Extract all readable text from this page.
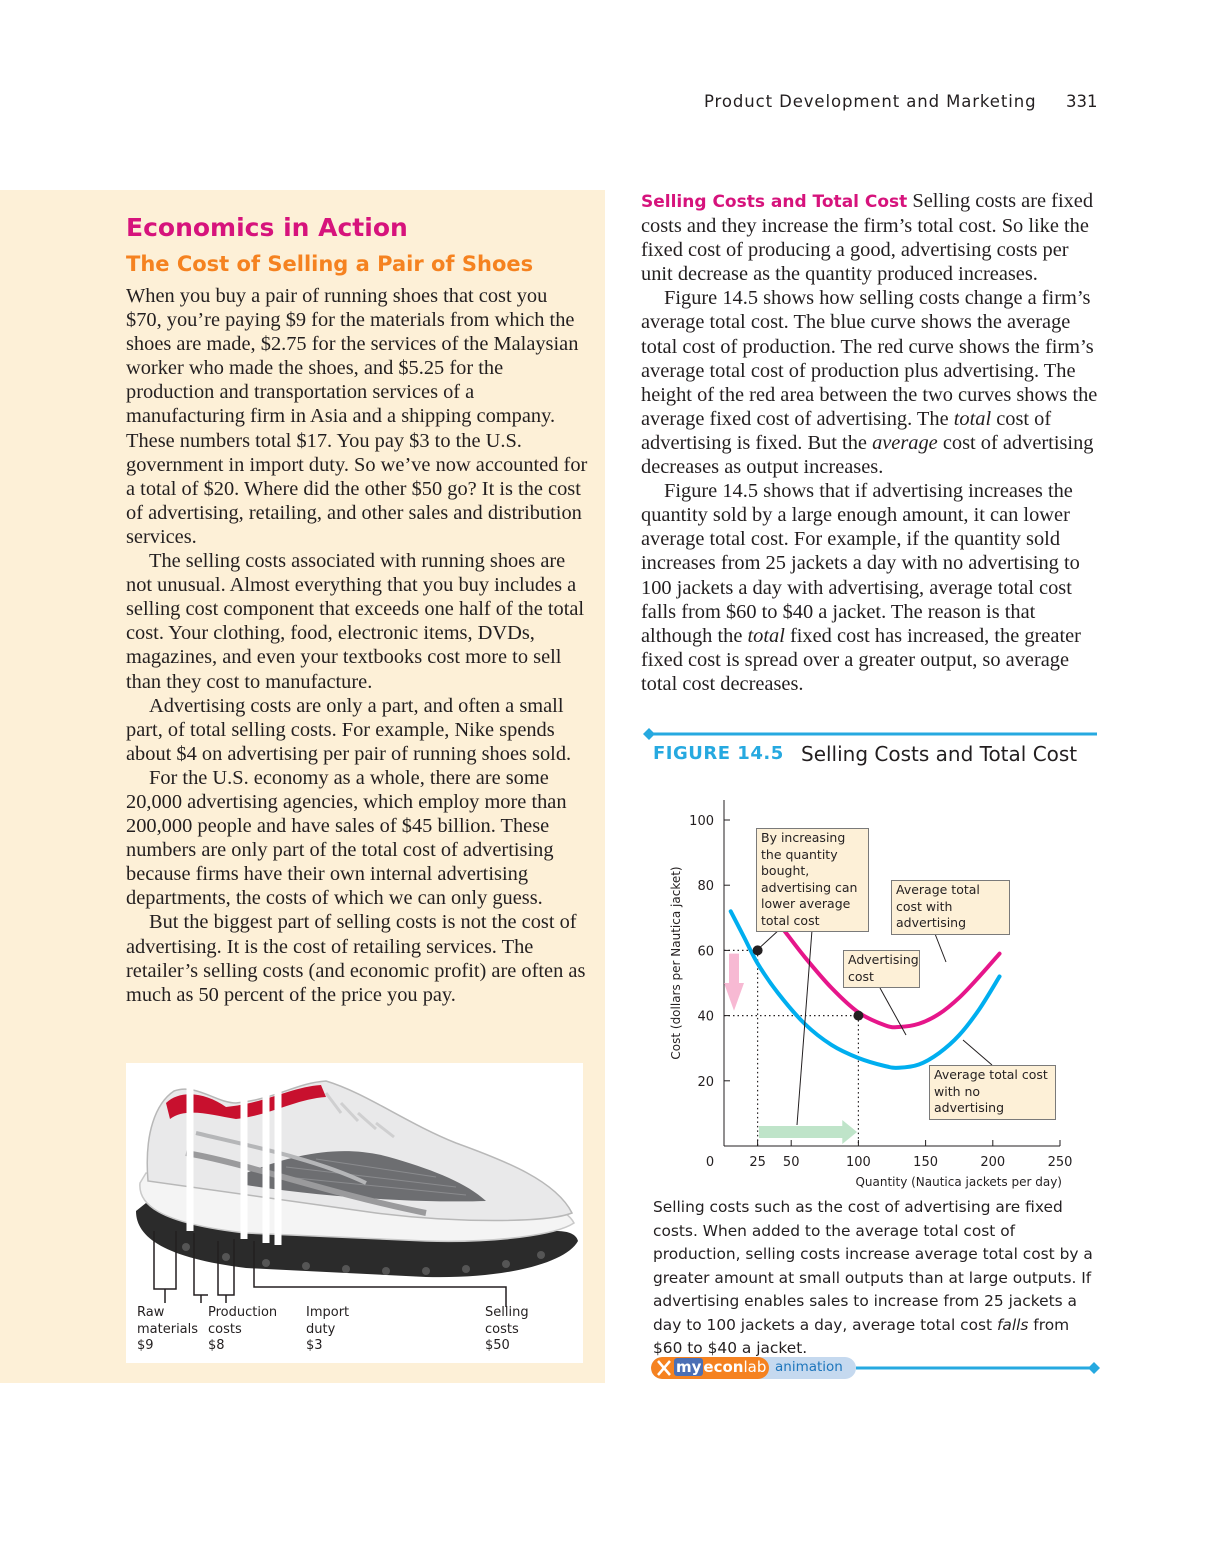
Product Development and Marketing 331
Economics in Action
The Cost of Selling a Pair of Shoes

When you buy a pair of running shoes that cost you $70, you’re paying $9 for the materials from which the shoes are made, $2.75 for the services of the Malaysian worker who made the shoes, and $5.25 for the production and transportation services of a manufacturing firm in Asia and a shipping company. These numbers total $17. You pay $3 to the U.S. government in import duty. So we’ve now accounted for a total of $20. Where did the other $50 go? It is the cost of advertising, retailing, and other sales and distribution services.

The selling costs associated with running shoes are not unusual. Almost everything that you buy includes a selling cost component that exceeds one half of the total cost. Your clothing, food, electronic items, DVDs, magazines, and even your textbooks cost more to sell than they cost to manufacture.

Advertising costs are only a part, and often a small part, of total selling costs. For example, Nike spends about $4 on advertising per pair of running shoes sold.

For the U.S. economy as a whole, there are some 20,000 advertising agencies, which employ more than 200,000 people and have sales of $45 billion. These numbers are only part of the total cost of advertising because firms have their own internal advertising departments, the costs of which we can only guess.

But the biggest part of selling costs is not the cost of advertising. It is the cost of retailing services. The retailer’s selling costs (and economic profit) are often as much as 50 percent of the price you pay.

Raw
materials
$9
Production
costs
$8
Import
duty
$3
Selling
costs
$50

Selling Costs and Total Cost Selling costs are fixed costs and they increase the firm’s total cost. So like the fixed cost of producing a good, advertising costs per unit decrease as the quantity produced increases.

Figure 14.5 shows how selling costs change a firm’s average total cost. The blue curve shows the average total cost of production. The red curve shows the firm’s average total cost of production plus advertising. The height of the red area between the two curves shows the average fixed cost of advertising. The total cost of advertising is fixed. But the average cost of advertising decreases as output increases.

Figure 14.5 shows that if advertising increases the quantity sold by a large enough amount, it can lower average total cost. For example, if the quantity sold increases from 25 jackets a day with no advertising to 100 jackets a day with advertising, average total cost falls from $60 to $40 a jacket. The reason is that although the total fixed cost has increased, the greater fixed cost is spread over a greater output, so average total cost decreases.

FIGURE 14.5 Selling Costs and Total Cost
20
40
60
80
100
0	25 50	100	150	200	250
Cost (dollars per Nautica jacket)
Quantity (Nautica jackets per day)
By increasing the quantity bought, advertising can lower average total cost
Average total cost with advertising
Advertising cost
Average total cost with no advertising
Selling costs such as the cost of advertising are fixed costs. When added to the average total cost of production, selling costs increase average total cost by a greater amount at small outputs than at large outputs. If advertising enables sales to increase from 25 jackets a day to 100 jackets a day, average total cost falls from $60 to $40 a jacket.
my econlab animation
